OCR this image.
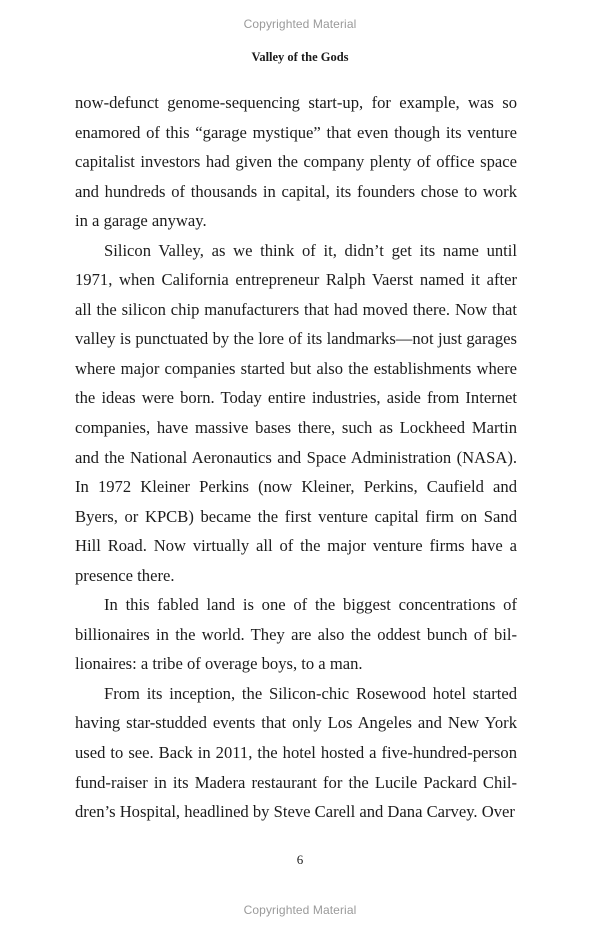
Copyrighted Material
Valley of the Gods

now-defunct genome-sequencing start-up, for example, was so enamored of this “garage mystique” that even though its venture capitalist investors had given the company plenty of office space and hundreds of thousands in capital, its founders chose to work in a garage anyway.

Silicon Valley, as we think of it, didn’t get its name until 1971, when California entrepreneur Ralph Vaerst named it after all the silicon chip manufacturers that had moved there. Now that valley is punctuated by the lore of its landmarks—not just garages where major companies started but also the establishments where the ideas were born. Today entire industries, aside from Internet companies, have massive bases there, such as Lockheed Martin and the National Aeronautics and Space Administration (NASA). In 1972 Kleiner Perkins (now Kleiner, Perkins, Caufield and Byers, or KPCB) became the first venture capital firm on Sand Hill Road. Now virtually all of the major venture firms have a presence there.

In this fabled land is one of the biggest concentrations of billionaires in the world. They are also the oddest bunch of billionaires: a tribe of overage boys, to a man.

From its inception, the Silicon-chic Rosewood hotel started having star-studded events that only Los Angeles and New York used to see. Back in 2011, the hotel hosted a five-hundred-person fund-raiser in its Madera restaurant for the Lucile Packard Children’s Hospital, headlined by Steve Carell and Dana Carvey. Over

6
Copyrighted Material
